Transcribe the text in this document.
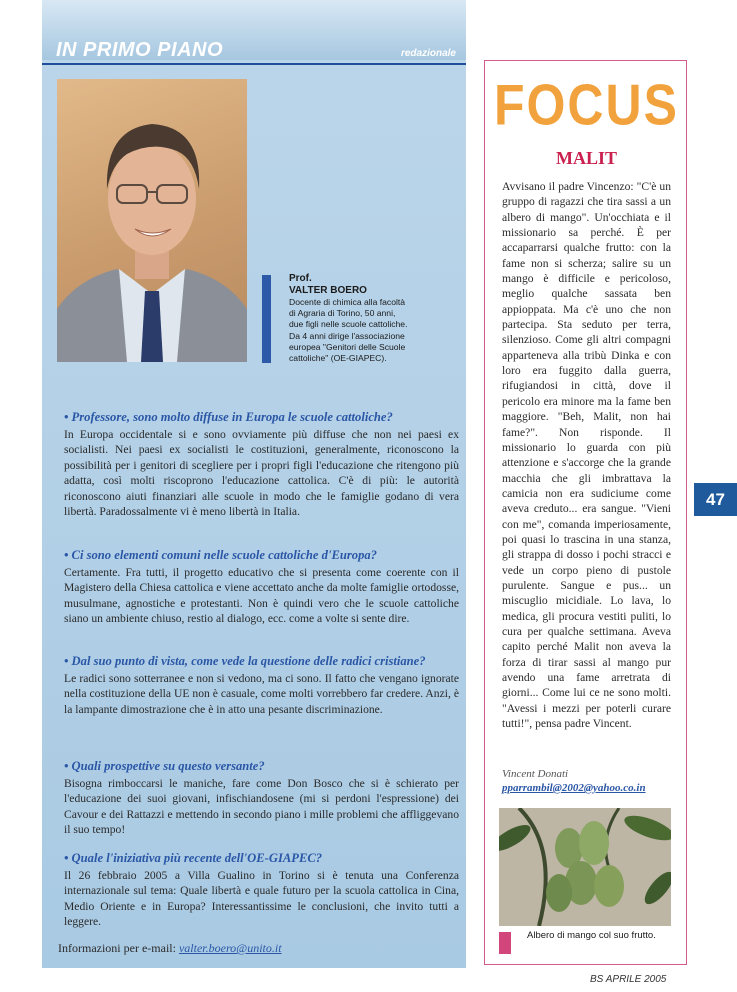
IN PRIMO PIANO	redazionale
Prof.
VALTER BOERO
Docente di chimica alla facoltà
di Agraria di Torino, 50 anni,
due figli nelle scuole cattoliche.
Da 4 anni dirige l'associazione
europea "Genitori delle Scuole
cattoliche" (OE-GIAPEC).
• Professore, sono molto diffuse in Europa le scuole cattoliche?
In Europa occidentale si e sono ovviamente più diffuse che non nei paesi ex socialisti. Nei paesi ex socialisti le costituzioni, generalmente, riconoscono la possibilità per i genitori di scegliere per i propri figli l'educazione che ritengono più adatta, così molti riscoprono l'educazione cattolica. C'è di più: le autorità riconoscono aiuti finanziari alle scuole in modo che le famiglie godano di vera libertà. Paradossalmente vi è meno libertà in Italia.
• Ci sono elementi comuni nelle scuole cattoliche d'Europa?
Certamente. Fra tutti, il progetto educativo che si presenta come coerente con il Magistero della Chiesa cattolica e viene accettato anche da molte famiglie ortodosse, musulmane, agnostiche e protestanti. Non è quindi vero che le scuole cattoliche siano un ambiente chiuso, restio al dialogo, ecc. come a volte si sente dire.
• Dal suo punto di vista, come vede la questione delle radici cristiane?
Le radici sono sotterranee e non si vedono, ma ci sono. Il fatto che vengano ignorate nella costituzione della UE non è casuale, come molti vorrebbero far credere. Anzi, è la lampante dimostrazione che è in atto una pesante discriminazione.
• Quali prospettive su questo versante?
Bisogna rimboccarsi le maniche, fare come Don Bosco che si è schierato per l'educazione dei suoi giovani, infischiandosene (mi si perdoni l'espressione) dei Cavour e dei Rattazzi e mettendo in secondo piano i mille problemi che affliggevano il suo tempo!
• Quale l'iniziativa più recente dell'OE-GIAPEC?
Il 26 febbraio 2005 a Villa Gualino in Torino si è tenuta una Conferenza internazionale sul tema: Quale libertà e quale futuro per la scuola cattolica in Cina, Medio Oriente e in Europa? Interessantissime le conclusioni, che invito tutti a leggere.
Informazioni per e-mail: valter.boero@unito.it
FOCUS
MALIT
Avvisano il padre Vincenzo: "C'è un gruppo di ragazzi che tira sassi a un albero di mango". Un'occhiata e il missionario sa perché. È per accaparrarsi qualche frutto: con la fame non si scherza; salire su un mango è difficile e pericoloso, meglio qualche sassata ben appioppata. Ma c'è uno che non partecipa. Sta seduto per terra, silenzioso. Come gli altri compagni apparteneva alla tribù Dinka e con loro era fuggito dalla guerra, rifugiandosi in città, dove il pericolo era minore ma la fame ben maggiore. "Beh, Malit, non hai fame?". Non risponde. Il missionario lo guarda con più attenzione e s'accorge che la grande macchia che gli imbrattava la camicia non era sudiciume come aveva creduto... era sangue. "Vieni con me", comanda imperiosamente, poi quasi lo trascina in una stanza, gli strappa di dosso i pochi stracci e vede un corpo pieno di pustole purulente. Sangue e pus... un miscuglio micidiale. Lo lava, lo medica, gli procura vestiti puliti, lo cura per qualche settimana. Aveva capito perché Malit non aveva la forza di tirar sassi al mango pur avendo una fame arretrata di giorni... Come lui ce ne sono molti. "Avessi i mezzi per poterli curare tutti!", pensa padre Vincent.
Vincent Donati
pparrambil@2002@yahoo.co.in
Albero di mango col suo frutto.
47
BS APRILE 2005
